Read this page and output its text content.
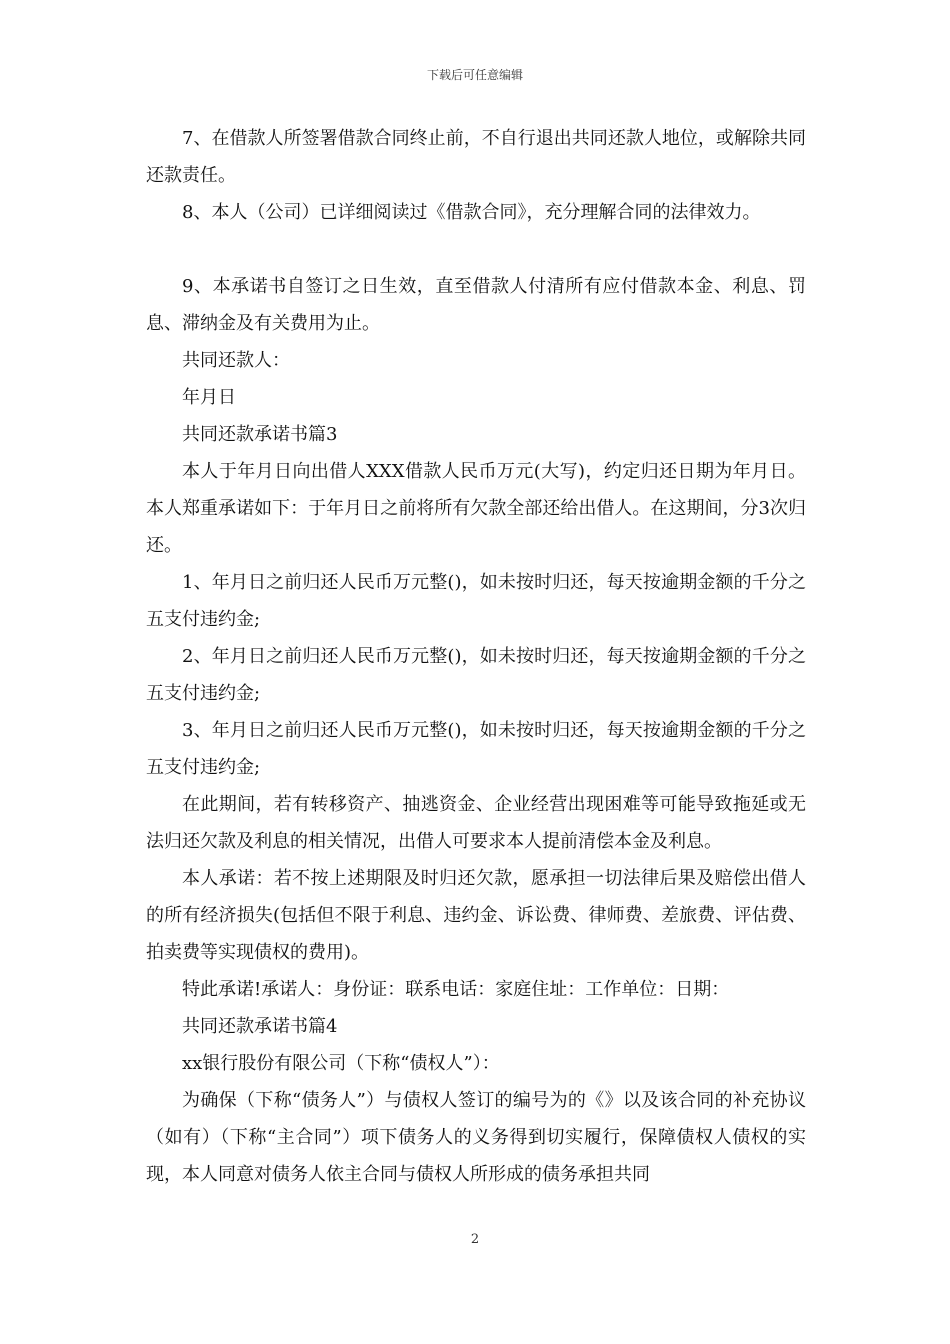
下载后可任意编辑

7、在借款人所签署借款合同终止前，不自行退出共同还款人地位，或解除共同还款责任。

8、本人（公司）已详细阅读过《借款合同》，充分理解合同的法律效力。

9、本承诺书自签订之日生效，直至借款人付清所有应付借款本金、利息、罚息、滞纳金及有关费用为止。

共同还款人：

年月日

共同还款承诺书篇3

本人于年月日向出借人XXX借款人民币万元(大写)，约定归还日期为年月日。本人郑重承诺如下：于年月日之前将所有欠款全部还给出借人。在这期间，分3次归还。

1、年月日之前归还人民币万元整()，如未按时归还，每天按逾期金额的千分之五支付违约金;

2、年月日之前归还人民币万元整()，如未按时归还，每天按逾期金额的千分之五支付违约金;

3、年月日之前归还人民币万元整()，如未按时归还，每天按逾期金额的千分之五支付违约金;

在此期间，若有转移资产、抽逃资金、企业经营出现困难等可能导致拖延或无法归还欠款及利息的相关情况，出借人可要求本人提前清偿本金及利息。

本人承诺：若不按上述期限及时归还欠款，愿承担一切法律后果及赔偿出借人的所有经济损失(包括但不限于利息、违约金、诉讼费、律师费、差旅费、评估费、拍卖费等实现债权的费用)。

特此承诺!承诺人：身份证：联系电话：家庭住址：工作单位：日期：

共同还款承诺书篇4

xx银行股份有限公司（下称“债权人”）：

为确保（下称“债务人”）与债权人签订的编号为的《》以及该合同的补充协议（如有）（下称“主合同”）项下债务人的义务得到切实履行，保障债权人债权的实现，本人同意对债务人依主合同与债权人所形成的债务承担共同

2
